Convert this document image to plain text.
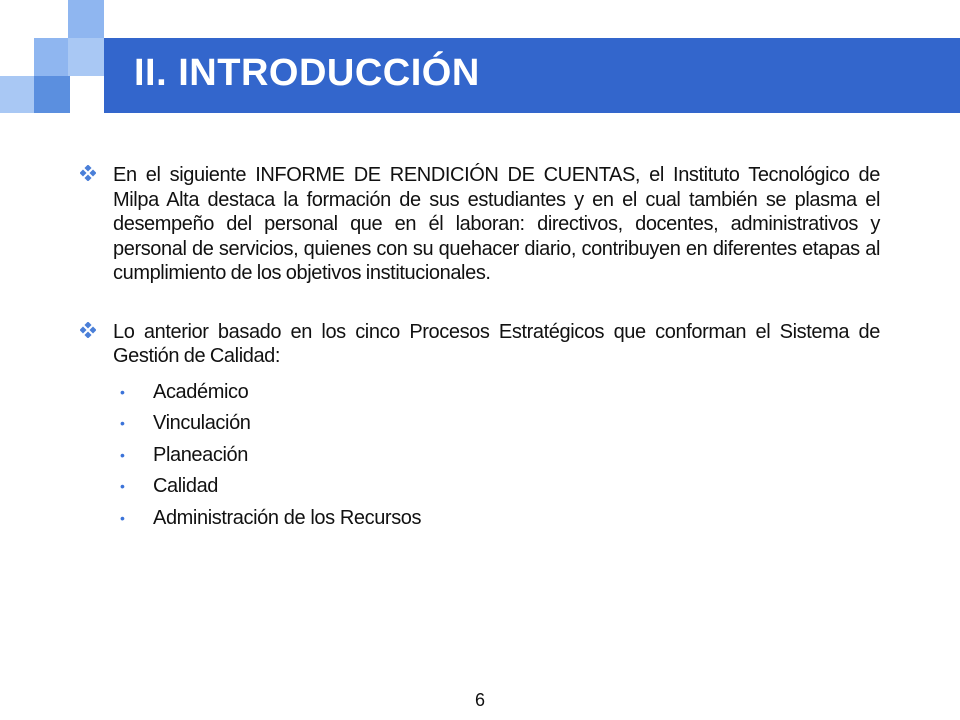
II. INTRODUCCIÓN
En el siguiente INFORME DE RENDICIÓN DE CUENTAS, el Instituto Tecnológico de Milpa Alta destaca la formación de sus estudiantes y en el cual también se plasma el desempeño del personal que en él laboran: directivos, docentes, administrativos y personal de servicios, quienes con su quehacer diario, contribuyen en diferentes etapas al cumplimiento de los objetivos institucionales.
Lo anterior basado en los cinco Procesos Estratégicos que conforman el Sistema de Gestión de Calidad:
• Académico
• Vinculación
• Planeación
• Calidad
• Administración de los Recursos
6
